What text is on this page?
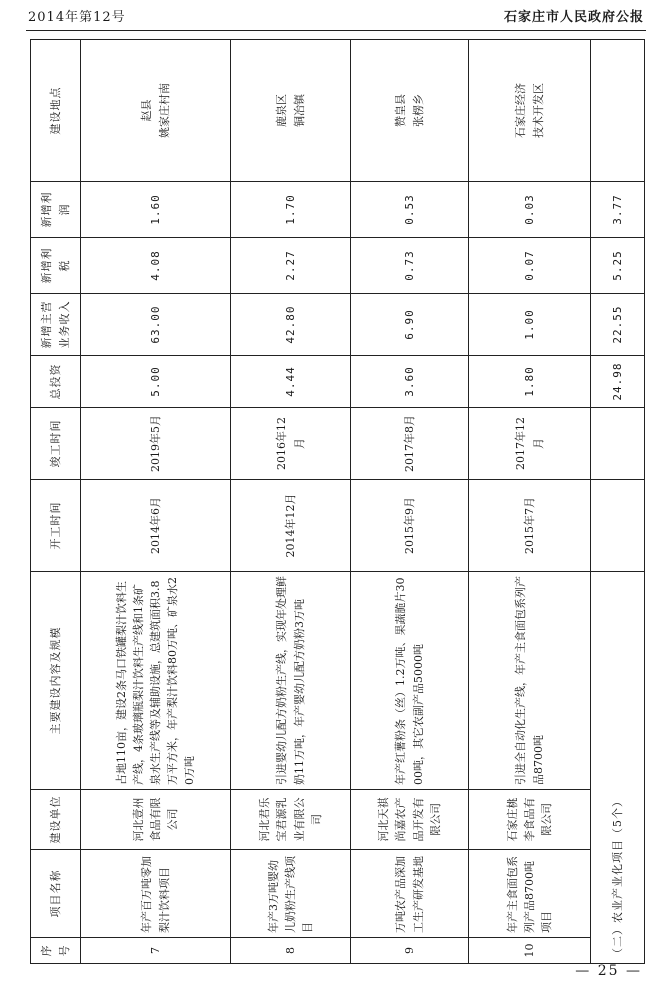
2014年第12号	石家庄市人民政府公报
序号	项目名称	建设单位	主要建设内容及规模	开工时间	竣工时间	总投资	新增主营业务收入	新增利税	新增利润	建设地点
7	年产百万吨零加梨汁饮料项目	河北壹州食品有限公司	占地110亩，建设2条马口铁罐梨汁饮料生产线，4条玻璃瓶梨汁饮料生产线和1条矿泉水生产线等及辅助设施，总建筑面积3.8万平方米，年产梨汁饮料80万吨、矿泉水20万吨	2014年6月	2019年5月	5.00	63.00	4.08	1.60	赵县
姚家庄村南
8	年产3万吨婴幼儿奶粉生产线项目	河北君乐宝君源乳业有限公司	引进婴幼儿配方奶粉生产线，实现年处理鲜奶11万吨，年产婴幼儿配方奶粉3万吨	2014年12月	2016年12月	4.44	42.80	2.27	1.70	鹿泉区
铜冶镇
9	万吨农产品深加工生产研发基地	河北天祺尚嘉农产品开发有限公司	年产红薯粉条（丝）1.2万吨、果蔬脆片3000吨，其它农副产品5000吨	2015年9月	2017年8月	3.60	6.90	0.73	0.53	赞皇县
张楞乡
10	年产主食面包系列产品8700吨项目	石家庄桃李食品有限公司	引进全自动化生产线，年产主食面包系列产品8700吨	2015年7月	2017年12月	1.80	1.00	0.07	0.03	石家庄经济
技术开发区
（二）农业产业化项目（5个）						24.98	22.55	5.25	3.77	
— 25 —
